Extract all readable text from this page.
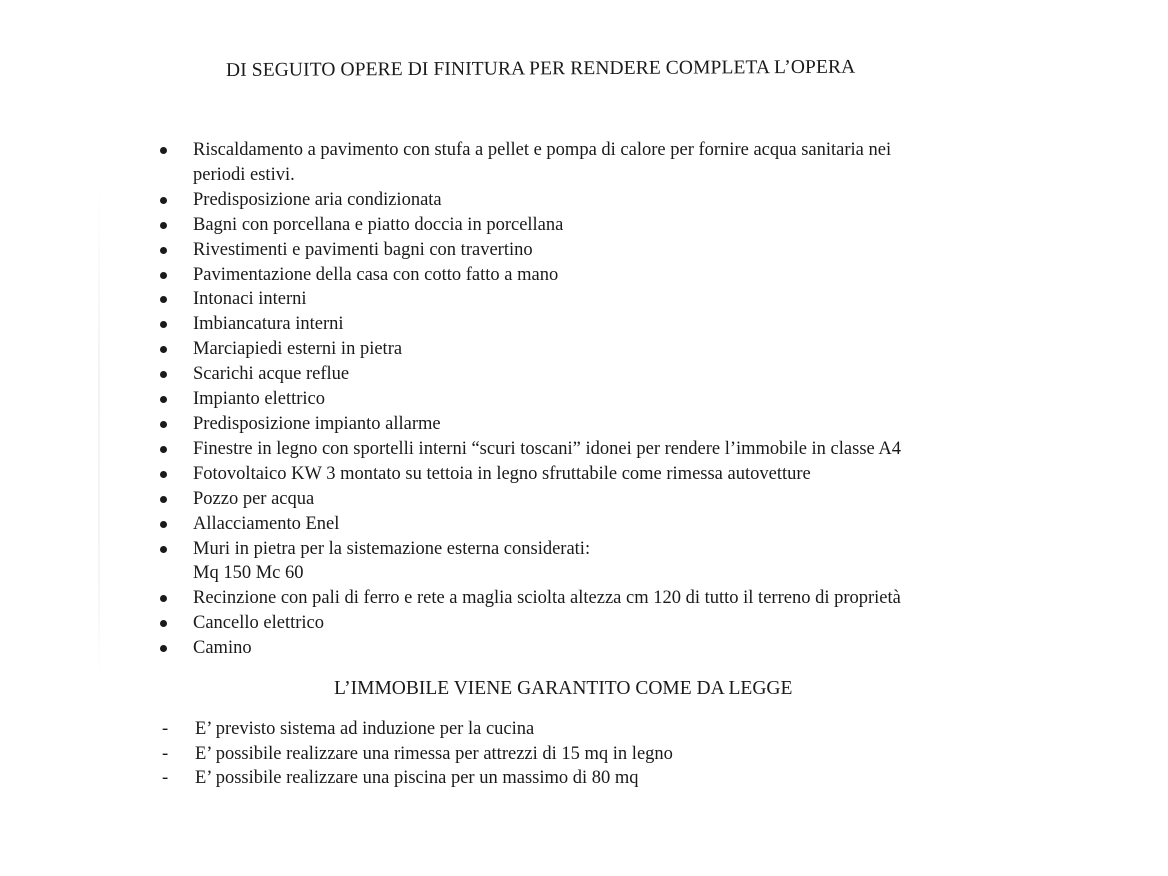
DI SEGUITO OPERE DI FINITURA PER RENDERE COMPLETA L’OPERA
Riscaldamento a pavimento con stufa a pellet e pompa di calore per fornire acqua sanitaria nei
periodi estivi.
Predisposizione aria condizionata
Bagni con porcellana e piatto doccia in porcellana
Rivestimenti e pavimenti bagni con travertino
Pavimentazione della casa con cotto fatto a mano
Intonaci interni
Imbiancatura interni
Marciapiedi esterni in pietra
Scarichi acque reflue
Impianto elettrico
Predisposizione impianto allarme
Finestre in legno con sportelli interni “scuri toscani” idonei per rendere l’immobile in classe A4
Fotovoltaico KW 3 montato su tettoia in legno sfruttabile come rimessa autovetture
Pozzo per acqua
Allacciamento Enel
Muri in pietra per la sistemazione esterna considerati:
Mq 150 Mc 60
Recinzione con pali di ferro e rete a maglia sciolta altezza cm 120 di tutto il terreno di proprietà
Cancello elettrico
Camino
L’IMMOBILE VIENE GARANTITO COME DA LEGGE
- E’ previsto sistema ad induzione per la cucina
- E’ possibile realizzare una rimessa per attrezzi di 15 mq in legno
- E’ possibile realizzare una piscina per un massimo di 80 mq
